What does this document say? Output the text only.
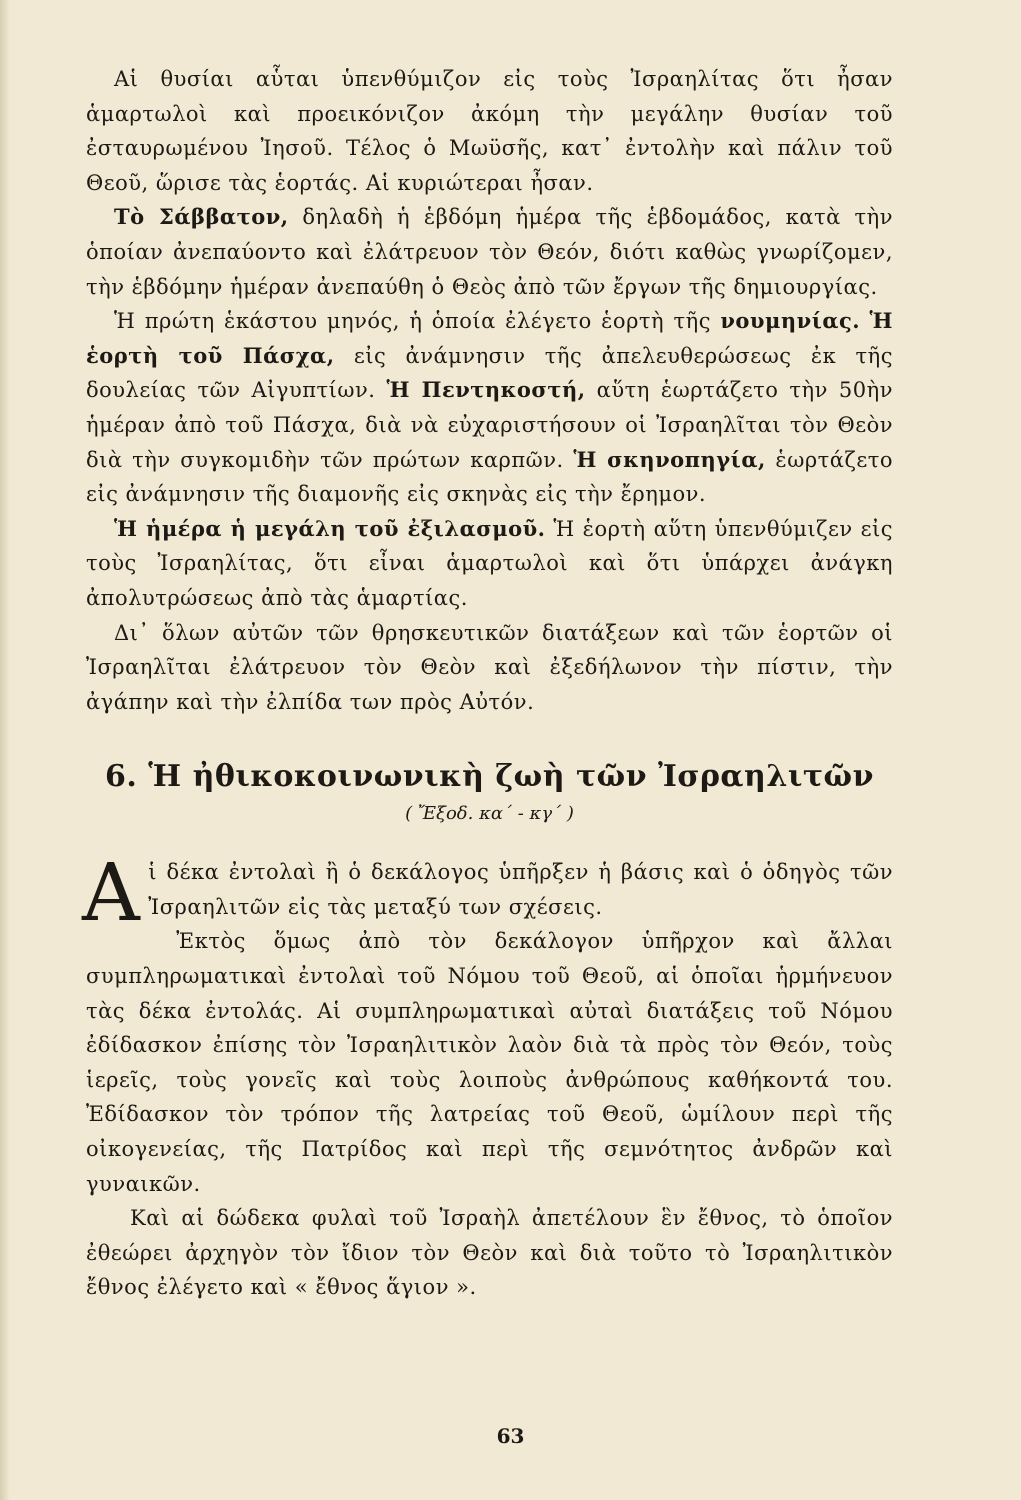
Αἱ θυσίαι αὗται ὑπενθύμιζον εἰς τοὺς Ἰσραηλίτας ὅτι ἦσαν ἁμαρτωλοὶ καὶ προεικόνιζον ἀκόμη τὴν μεγάλην θυσίαν τοῦ ἐσταυρωμένου Ἰησοῦ. Τέλος ὁ Μωϋσῆς, κατ᾿ ἐντολὴν καὶ πάλιν τοῦ Θεοῦ, ὥρισε τὰς ἑορτάς. Αἱ κυριώτεραι ἦσαν.

Τὸ Σάββατον, δηλαδὴ ἡ ἑβδόμη ἡμέρα τῆς ἑβδομάδος, κατὰ τὴν ὁποίαν ἀνεπαύοντο καὶ ἐλάτρευον τὸν Θεόν, διότι καθὼς γνωρίζομεν, τὴν ἑβδόμην ἡμέραν ἀνεπαύθη ὁ Θεὸς ἀπὸ τῶν ἔργων τῆς δημιουργίας.

Ἡ πρώτη ἑκάστου μηνός, ἡ ὁποία ἐλέγετο ἑορτὴ τῆς νουμηνίας. Ἡ ἑορτὴ τοῦ Πάσχα, εἰς ἀνάμνησιν τῆς ἀπελευθερώσεως ἐκ τῆς δουλείας τῶν Αἰγυπτίων. Ἡ Πεντηκοστή, αὕτη ἑωρτάζετο τὴν 50ὴν ἡμέραν ἀπὸ τοῦ Πάσχα, διὰ νὰ εὐχαριστήσουν οἱ Ἰσραηλῖται τὸν Θεὸν διὰ τὴν συγκομιδὴν τῶν πρώτων καρπῶν. Ἡ σκηνοπηγία, ἑωρτάζετο εἰς ἀνάμνησιν τῆς διαμονῆς εἰς σκηνὰς εἰς τὴν ἔρημον.

Ἡ ἡμέρα ἡ μεγάλη τοῦ ἐξιλασμοῦ. Ἡ ἑορτὴ αὕτη ὑπενθύμιζεν εἰς τοὺς Ἰσραηλίτας, ὅτι εἶναι ἁμαρτωλοὶ καὶ ὅτι ὑπάρχει ἀνάγκη ἀπολυτρώσεως ἀπὸ τὰς ἁμαρτίας.

Δι᾿ ὅλων αὐτῶν τῶν θρησκευτικῶν διατάξεων καὶ τῶν ἑορτῶν οἱ Ἰσραηλῖται ἐλάτρευον τὸν Θεὸν καὶ ἐξεδήλωνον τὴν πίστιν, τὴν ἀγάπην καὶ τὴν ἐλπίδα των πρὸς Αὐτόν.

6. Ἡ ἠθικοκοινωνικὴ ζωὴ τῶν Ἰσραηλιτῶν
( Ἔξοδ. κα΄ - κγ΄ )

Αἱ δέκα ἐντολαὶ ἢ ὁ δεκάλογος ὑπῆρξεν ἡ βάσις καὶ ὁ ὁδηγὸς τῶν Ἰσραηλιτῶν εἰς τὰς μεταξύ των σχέσεις.

Ἐκτὸς ὅμως ἀπὸ τὸν δεκάλογον ὑπῆρχον καὶ ἄλλαι συμπληρωματικαὶ ἐντολαὶ τοῦ Νόμου τοῦ Θεοῦ, αἱ ὁποῖαι ἡρμήνευον τὰς δέκα ἐντολάς. Αἱ συμπληρωματικαὶ αὐταὶ διατάξεις τοῦ Νόμου ἐδίδασκον ἐπίσης τὸν Ἰσραηλιτικὸν λαὸν διὰ τὰ πρὸς τὸν Θεόν, τοὺς ἱερεῖς, τοὺς γονεῖς καὶ τοὺς λοιποὺς ἀνθρώπους καθήκοντά του. Ἐδίδασκον τὸν τρόπον τῆς λατρείας τοῦ Θεοῦ, ὡμίλουν περὶ τῆς οἰκογενείας, τῆς Πατρίδος καὶ περὶ τῆς σεμνότητος ἀνδρῶν καὶ γυναικῶν.

Καὶ αἱ δώδεκα φυλαὶ τοῦ Ἰσραὴλ ἀπετέλουν ἓν ἔθνος, τὸ ὁποῖον ἐθεώρει ἀρχηγὸν τὸν ἴδιον τὸν Θεὸν καὶ διὰ τοῦτο τὸ Ἰσραηλιτικὸν ἔθνος ἐλέγετο καὶ « ἔθνος ἅγιον ».

63
